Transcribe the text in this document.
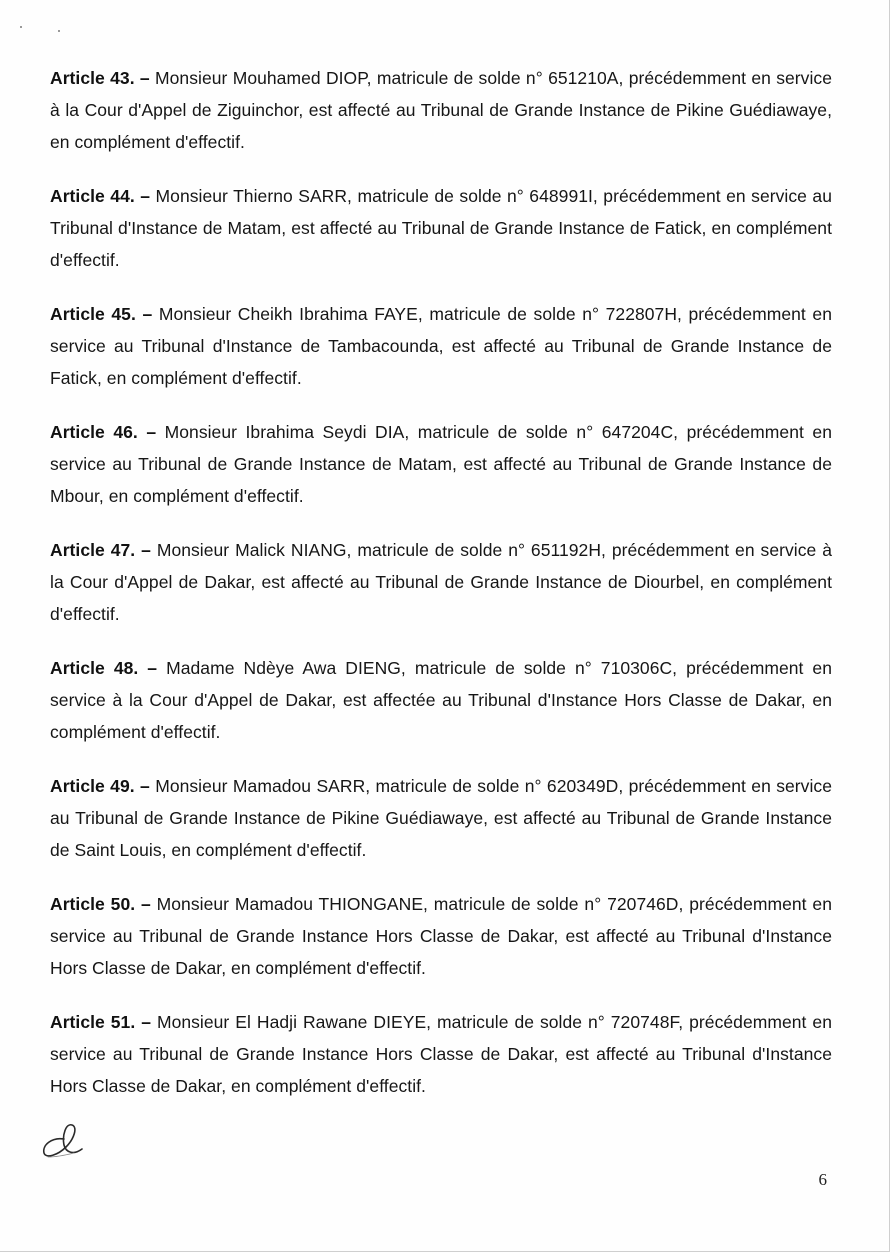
Article 43. – Monsieur Mouhamed DIOP, matricule de solde n° 651210A, précédemment en service à la Cour d'Appel de Ziguinchor, est affecté au Tribunal de Grande Instance de Pikine Guédiawaye, en complément d'effectif.

Article 44. – Monsieur Thierno SARR, matricule de solde n° 648991I, précédemment en service au Tribunal d'Instance de Matam, est affecté au Tribunal de Grande Instance de Fatick, en complément d'effectif.

Article 45. – Monsieur Cheikh Ibrahima FAYE, matricule de solde n° 722807H, précédemment en service au Tribunal d'Instance de Tambacounda, est affecté au Tribunal de Grande Instance de Fatick, en complément d'effectif.

Article 46. – Monsieur Ibrahima Seydi DIA, matricule de solde n° 647204C, précédemment en service au Tribunal de Grande Instance de Matam, est affecté au Tribunal de Grande Instance de Mbour, en complément d'effectif.

Article 47. – Monsieur Malick NIANG, matricule de solde n° 651192H, précédemment en service à la Cour d'Appel de Dakar, est affecté au Tribunal de Grande Instance de Diourbel, en complément d'effectif.

Article 48. – Madame Ndèye Awa DIENG, matricule de solde n° 710306C, précédemment en service à la Cour d'Appel de Dakar, est affectée au Tribunal d'Instance Hors Classe de Dakar, en complément d'effectif.

Article 49. – Monsieur Mamadou SARR, matricule de solde n° 620349D, précédemment en service au Tribunal de Grande Instance de Pikine Guédiawaye, est affecté au Tribunal de Grande Instance de Saint Louis, en complément d'effectif.

Article 50. – Monsieur Mamadou THIONGANE, matricule de solde n° 720746D, précédemment en service au Tribunal de Grande Instance Hors Classe de Dakar, est affecté au Tribunal d'Instance Hors Classe de Dakar, en complément d'effectif.

Article 51. – Monsieur El Hadji Rawane DIEYE, matricule de solde n° 720748F, précédemment en service au Tribunal de Grande Instance Hors Classe de Dakar, est affecté au Tribunal d'Instance Hors Classe de Dakar, en complément d'effectif.

6
